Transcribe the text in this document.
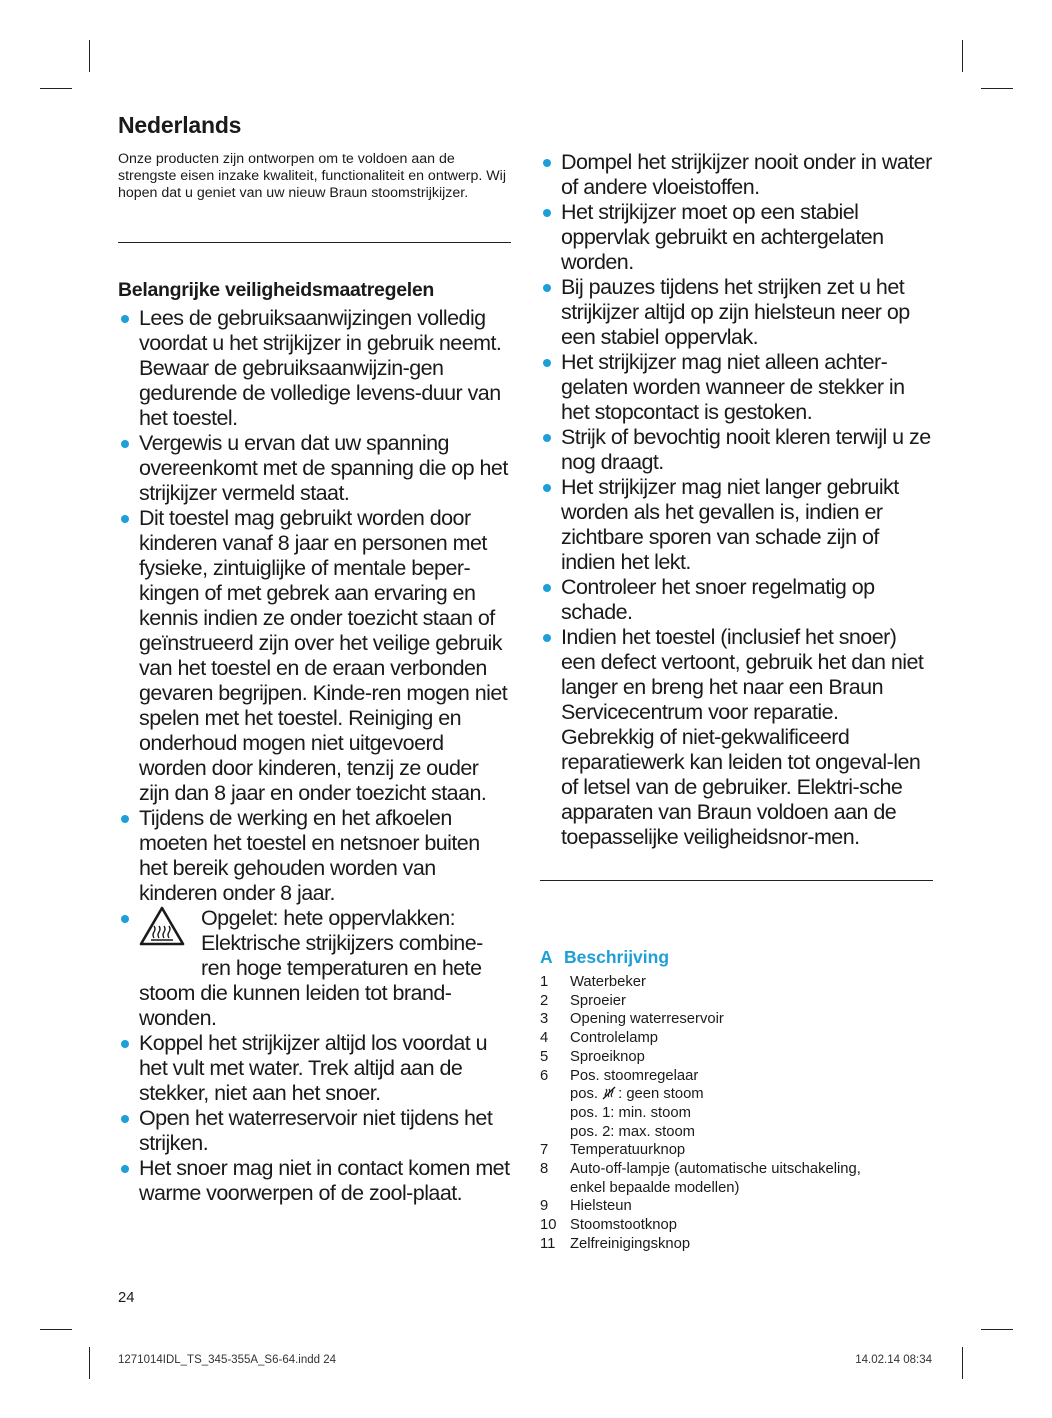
Nederlands

Onze producten zijn ontworpen om te voldoen aan de strengste eisen inzake kwaliteit, functionaliteit en ontwerp. Wij hopen dat u geniet van uw nieuw Braun stoomstrijkijzer.

Belangrijke veiligheidsmaatregelen
Lees de gebruiksaanwijzingen volledig voordat u het strijkijzer in gebruik neemt. Bewaar de gebruiksaanwijzin-gen gedurende de volledige levens-duur van het toestel.
Vergewis u ervan dat uw spanning overeenkomt met de spanning die op het strijkijzer vermeld staat.
Dit toestel mag gebruikt worden door kinderen vanaf 8 jaar en personen met fysieke, zintuiglijke of mentale beper-kingen of met gebrek aan ervaring en kennis indien ze onder toezicht staan of geïnstrueerd zijn over het veilige gebruik van het toestel en de eraan verbonden gevaren begrijpen. Kinde-ren mogen niet spelen met het toestel. Reiniging en onderhoud mogen niet uitgevoerd worden door kinderen, tenzij ze ouder zijn dan 8 jaar en onder toezicht staan.
Tijdens de werking en het afkoelen moeten het toestel en netsnoer buiten het bereik gehouden worden van kinderen onder 8 jaar.
Opgelet: hete oppervlakken: Elektrische strijkijzers combine-ren hoge temperaturen en hete
stoom die kunnen leiden tot brand-wonden.
Koppel het strijkijzer altijd los voordat u het vult met water. Trek altijd aan de stekker, niet aan het snoer.
Open het waterreservoir niet tijdens het strijken.
Het snoer mag niet in contact komen met warme voorwerpen of de zool-plaat.
Dompel het strijkijzer nooit onder in water of andere vloeistoffen.
Het strijkijzer moet op een stabiel oppervlak gebruikt en achtergelaten worden.
Bij pauzes tijdens het strijken zet u het strijkijzer altijd op zijn hielsteun neer op een stabiel oppervlak.
Het strijkijzer mag niet alleen achter-gelaten worden wanneer de stekker in het stopcontact is gestoken.
Strijk of bevochtig nooit kleren terwijl u ze nog draagt.
Het strijkijzer mag niet langer gebruikt worden als het gevallen is, indien er zichtbare sporen van schade zijn of indien het lekt.
Controleer het snoer regelmatig op schade.
Indien het toestel (inclusief het snoer) een defect vertoont, gebruik het dan niet langer en breng het naar een Braun Servicecentrum voor reparatie. Gebrekkig of niet-gekwalificeerd reparatiewerk kan leiden tot ongeval-len of letsel van de gebruiker. Elektri-sche apparaten van Braun voldoen aan de toepasselijke veiligheidsnor-men.
A Beschrijving
1	Waterbeker
2	Sproeier
3	Opening waterreservoir
4	Controlelamp
5	Sproeiknop
6	Pos. stoomregelaar
pos. : geen stoom
pos. 1: min. stoom
pos. 2: max. stoom
7	Temperatuurknop
8	Auto-off-lampje (automatische uitschakeling,
enkel bepaalde modellen)
9	Hielsteun
10 Stoomstootknop
11 Zelfreinigingsknop
24
1271014IDL_TS_345-355A_S6-64.indd 24	14.02.14 08:34
